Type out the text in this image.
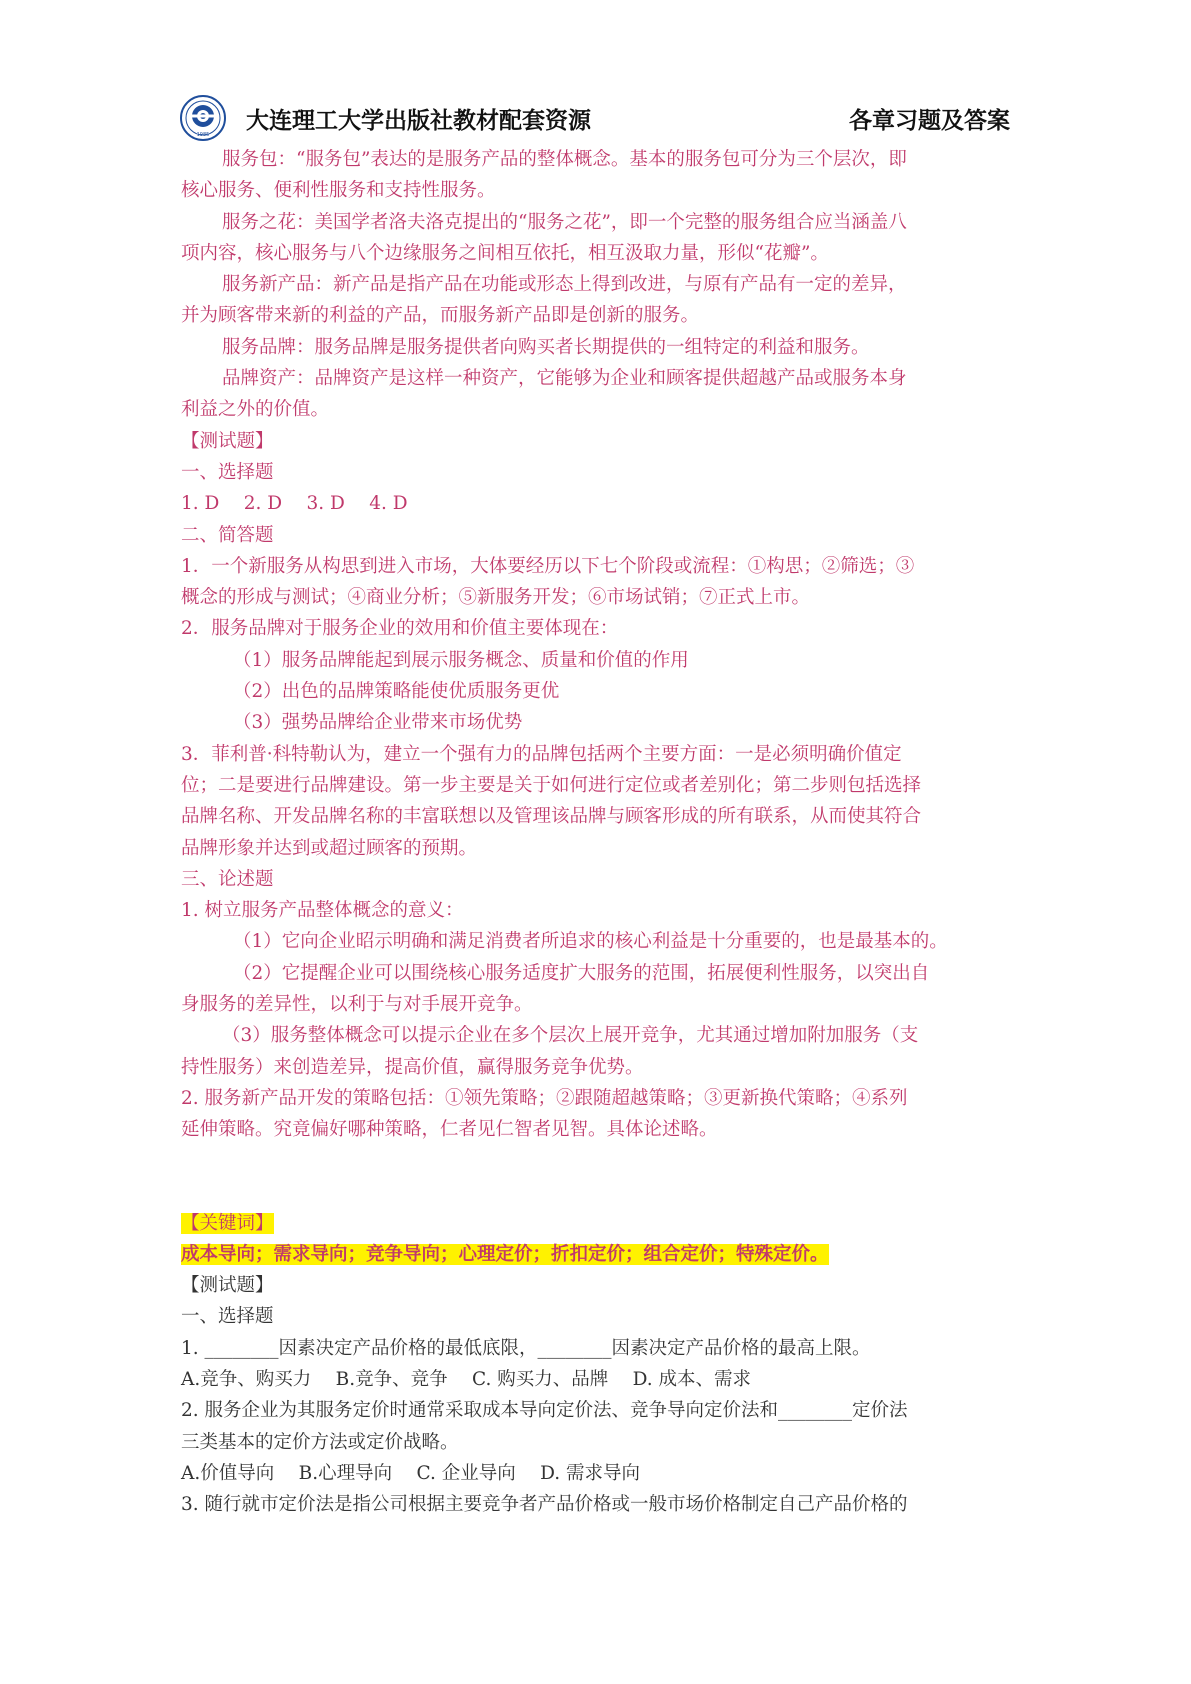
1985
大连理工大学出版社教材配套资源	各章习题及答案

服务包：“服务包”表达的是服务产品的整体概念。基本的服务包可分为三个层次，即

核心服务、便利性服务和支持性服务。

服务之花：美国学者洛夫洛克提出的“服务之花”，即一个完整的服务组合应当涵盖八

项内容，核心服务与八个边缘服务之间相互依托，相互汲取力量，形似“花瓣”。

服务新产品：新产品是指产品在功能或形态上得到改进，与原有产品有一定的差异，

并为顾客带来新的利益的产品，而服务新产品即是创新的服务。

服务品牌：服务品牌是服务提供者向购买者长期提供的一组特定的利益和服务。

品牌资产：品牌资产是这样一种资产，它能够为企业和顾客提供超越产品或服务本身

利益之外的价值。

【测试题】

一、选择题

1. D　 2. D　 3. D　 4. D

二、简答题

1．一个新服务从构思到进入市场，大体要经历以下七个阶段或流程：①构思；②筛选；③

概念的形成与测试；④商业分析；⑤新服务开发；⑥市场试销；⑦正式上市。

2．服务品牌对于服务企业的效用和价值主要体现在：

（1）服务品牌能起到展示服务概念、质量和价值的作用

（2）出色的品牌策略能使优质服务更优

（3）强势品牌给企业带来市场优势

3．菲利普·科特勒认为，建立一个强有力的品牌包括两个主要方面：一是必须明确价值定

位；二是要进行品牌建设。第一步主要是关于如何进行定位或者差别化；第二步则包括选择

品牌名称、开发品牌名称的丰富联想以及管理该品牌与顾客形成的所有联系，从而使其符合

品牌形象并达到或超过顾客的预期。

三、论述题

1. 树立服务产品整体概念的意义：

（1）它向企业昭示明确和满足消费者所追求的核心利益是十分重要的，也是最基本的。

（2）它提醒企业可以围绕核心服务适度扩大服务的范围，拓展便利性服务，以突出自

身服务的差异性，以利于与对手展开竞争。

（3）服务整体概念可以提示企业在多个层次上展开竞争，尤其通过增加附加服务（支

持性服务）来创造差异，提高价值，赢得服务竞争优势。

2. 服务新产品开发的策略包括：①领先策略；②跟随超越策略；③更新换代策略；④系列

延伸策略。究竟偏好哪种策略，仁者见仁智者见智。具体论述略。

【关键词】

成本导向；需求导向；竞争导向；心理定价；折扣定价；组合定价；特殊定价。

【测试题】

一、选择题

1. ________因素决定产品价格的最低底限，________因素决定产品价格的最高上限。

A.竞争、购买力　 B.竞争、竞争　 C. 购买力、品牌　 D. 成本、需求

2. 服务企业为其服务定价时通常采取成本导向定价法、竞争导向定价法和________定价法

三类基本的定价方法或定价战略。

A.价值导向　 B.心理导向　 C. 企业导向　 D. 需求导向

3. 随行就市定价法是指公司根据主要竞争者产品价格或一般市场价格制定自己产品价格的
